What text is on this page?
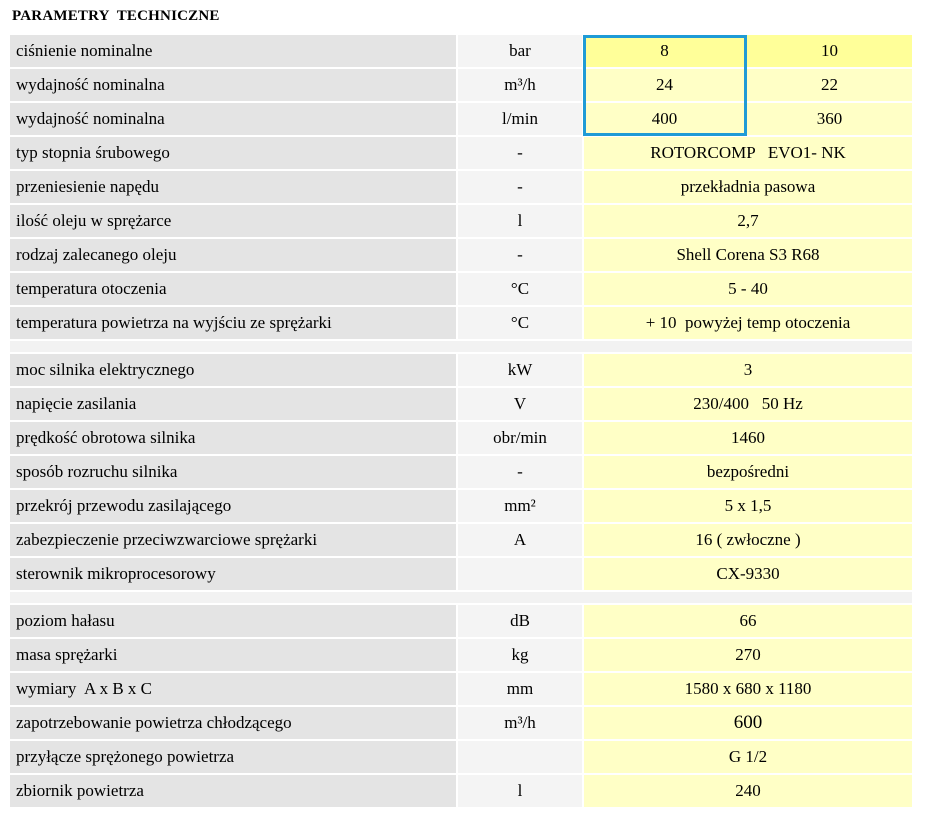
PARAMETRY  TECHNICZNE
ciśnienie nominalne	bar	8	10
wydajność nominalna	m³/h	24	22
wydajność nominalna	l/min	400	360
typ stopnia śrubowego	-	ROTORCOMP   EVO1- NK	
przeniesienie napędu	-	przekładnia pasowa	
ilość oleju w sprężarce	l	2,7	
rodzaj zalecanego oleju	-	Shell Corena S3 R68	
temperatura otoczenia	°C	5 - 40	
temperatura powietrza na wyjściu ze sprężarki	°C	+ 10  powyżej temp otoczenia	

moc silnika elektrycznego	kW	3	
napięcie zasilania	V	230/400   50 Hz	
prędkość obrotowa silnika	obr/min	1460	
sposób rozruchu silnika	-	bezpośredni	
przekrój przewodu zasilającego	mm²	5 x 1,5	
zabezpieczenie przeciwzwarciowe sprężarki	A	16 ( zwłoczne )	
sterownik mikroprocesorowy		CX-9330	

poziom hałasu	dB	66	
masa sprężarki	kg	270	
wymiary  A x B x C	mm	1580 x 680 x 1180	
zapotrzebowanie powietrza chłodzącego	m³/h	600	
przyłącze sprężonego powietrza		G 1/2	
zbiornik powietrza	l	240	
